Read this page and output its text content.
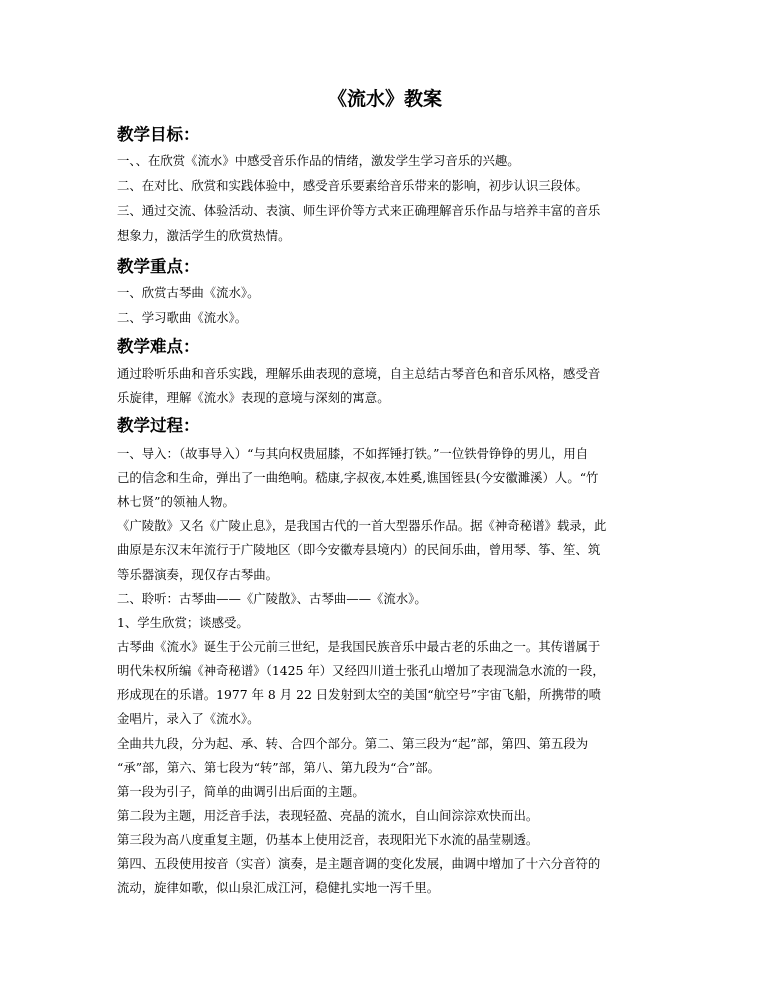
《流水》教案
教学目标：
一、、在欣赏《流水》中感受音乐作品的情绪，激发学生学习音乐的兴趣。
二、在对比、欣赏和实践体验中，感受音乐要素给音乐带来的影响，初步认识三段体。
三、通过交流、体验活动、表演、师生评价等方式来正确理解音乐作品与培养丰富的音乐
想象力，激活学生的欣赏热情。
教学重点：
一、欣赏古琴曲《流水》。
二、学习歌曲《流水》。
教学难点：
通过聆听乐曲和音乐实践，理解乐曲表现的意境，自主总结古琴音色和音乐风格，感受音
乐旋律，理解《流水》表现的意境与深刻的寓意。
教学过程：
一、导入：（故事导入）“与其向权贵屈膝，不如挥锤打铁。”一位铁骨铮铮的男儿，用自
己的信念和生命，弹出了一曲绝响。嵇康,字叔夜,本姓奚,谯国铚县(今安徽濉溪）人。“竹
林七贤”的领袖人物。
《广陵散》又名《广陵止息》，是我国古代的一首大型器乐作品。据《神奇秘谱》载录，此
曲原是东汉末年流行于广陵地区（即今安徽寿县境内）的民间乐曲，曾用琴、筝、笙、筑
等乐器演奏，现仅存古琴曲。
二、聆听：古琴曲——《广陵散》、古琴曲——《流水》。
1、学生欣赏；谈感受。
古琴曲《流水》诞生于公元前三世纪，是我国民族音乐中最古老的乐曲之一。其传谱属于
明代朱权所编《神奇秘谱》（1425 年）又经四川道士张孔山增加了表现湍急水流的一段，
形成现在的乐谱。1977 年 8 月 22 日发射到太空的美国“航空号”宇宙飞船，所携带的喷
金唱片，录入了《流水》。
全曲共九段，分为起、承、转、合四个部分。第二、第三段为“起”部，第四、第五段为
“承”部，第六、第七段为“转”部，第八、第九段为“合”部。
第一段为引子，简单的曲调引出后面的主题。
第二段为主题，用泛音手法，表现轻盈、亮晶的流水，自山间淙淙欢快而出。
第三段为高八度重复主题，仍基本上使用泛音，表现阳光下水流的晶莹剔透。
第四、五段使用按音（实音）演奏，是主题音调的变化发展，曲调中增加了十六分音符的
流动，旋律如歌，似山泉汇成江河，稳健扎实地一泻千里。
